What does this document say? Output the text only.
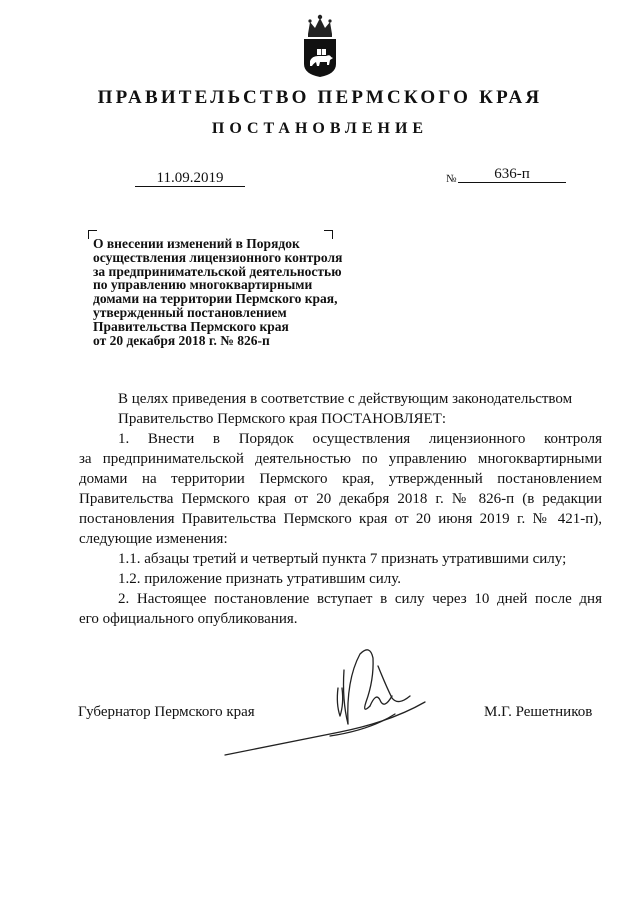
ПРАВИТЕЛЬСТВО ПЕРМСКОГО КРАЯ
ПОСТАНОВЛЕНИЕ
11.09.2019	№	636-п
О внесении изменений в Порядок
осуществления лицензионного контроля
за предпринимательской деятельностью
по управлению многоквартирными
домами на территории Пермского края,
утвержденный постановлением
Правительства Пермского края
от 20 декабря 2018 г. № 826-п
В целях приведения в соответствие с действующим законодательством
Правительство Пермского края ПОСТАНОВЛЯЕТ:
1. Внести в Порядок осуществления лицензионного контроля
за предпринимательской деятельностью по управлению многоквартирными домами на территории Пермского края, утвержденный постановлением Правительства Пермского края от 20 декабря 2018 г. № 826-п (в редакции постановления Правительства Пермского края от 20 июня 2019 г. № 421-п), следующие изменения:
1.1. абзацы третий и четвертый пункта 7 признать утратившими силу;
1.2. приложение признать утратившим силу.
2. Настоящее постановление вступает в силу через 10 дней после дня
его официального опубликования.
Губернатор Пермского края	М.Г. Решетников
